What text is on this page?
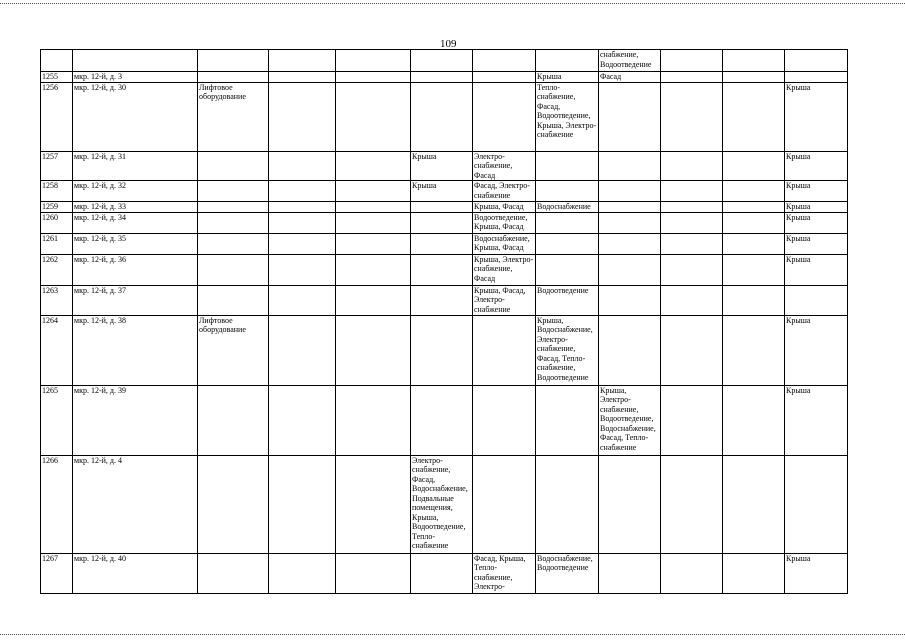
109
								снабжение, Водоотведение			
1255	мкр. 12-й, д. 3						Крыша	Фасад			
1256	мкр. 12-й, д. 30	Лифтовое оборудование					Тепло-снабжение, Фасад, Водоотведение, Крыша, Электро-снабжение				Крыша
1257	мкр. 12-й, д. 31				Крыша	Электро-снабжение, Фасад					Крыша
1258	мкр. 12-й, д. 32				Крыша	Фасад, Электро-снабжение					Крыша
1259	мкр. 12-й, д. 33					Крыша, Фасад	Водоснабжение				Крыша
1260	мкр. 12-й, д. 34					Водоотведение, Крыша, Фасад					Крыша
1261	мкр. 12-й, д. 35					Водоснабжение, Крыша, Фасад					Крыша
1262	мкр. 12-й, д. 36					Крыша, Электро-снабжение, Фасад					Крыша
1263	мкр. 12-й, д. 37					Крыша, Фасад, Электро-снабжение	Водоотведение				
1264	мкр. 12-й, д. 38	Лифтовое оборудование					Крыша, Водоснабжение, Электро-снабжение, Фасад, Тепло-снабжение, Водоотведение				Крыша
1265	мкр. 12-й, д. 39							Крыша, Электро-снабжение, Водоотведение, Водоснабжение, Фасад, Тепло-снабжение			Крыша
1266	мкр. 12-й, д. 4				Электро-снабжение, Фасад, Водоснабжение, Подвальные помещения, Крыша, Водоотведение, Тепло-снабжение						
1267	мкр. 12-й, д. 40					Фасад, Крыша, Тепло-снабжение, Электро-	Водоснабжение, Водоотведение				Крыша
